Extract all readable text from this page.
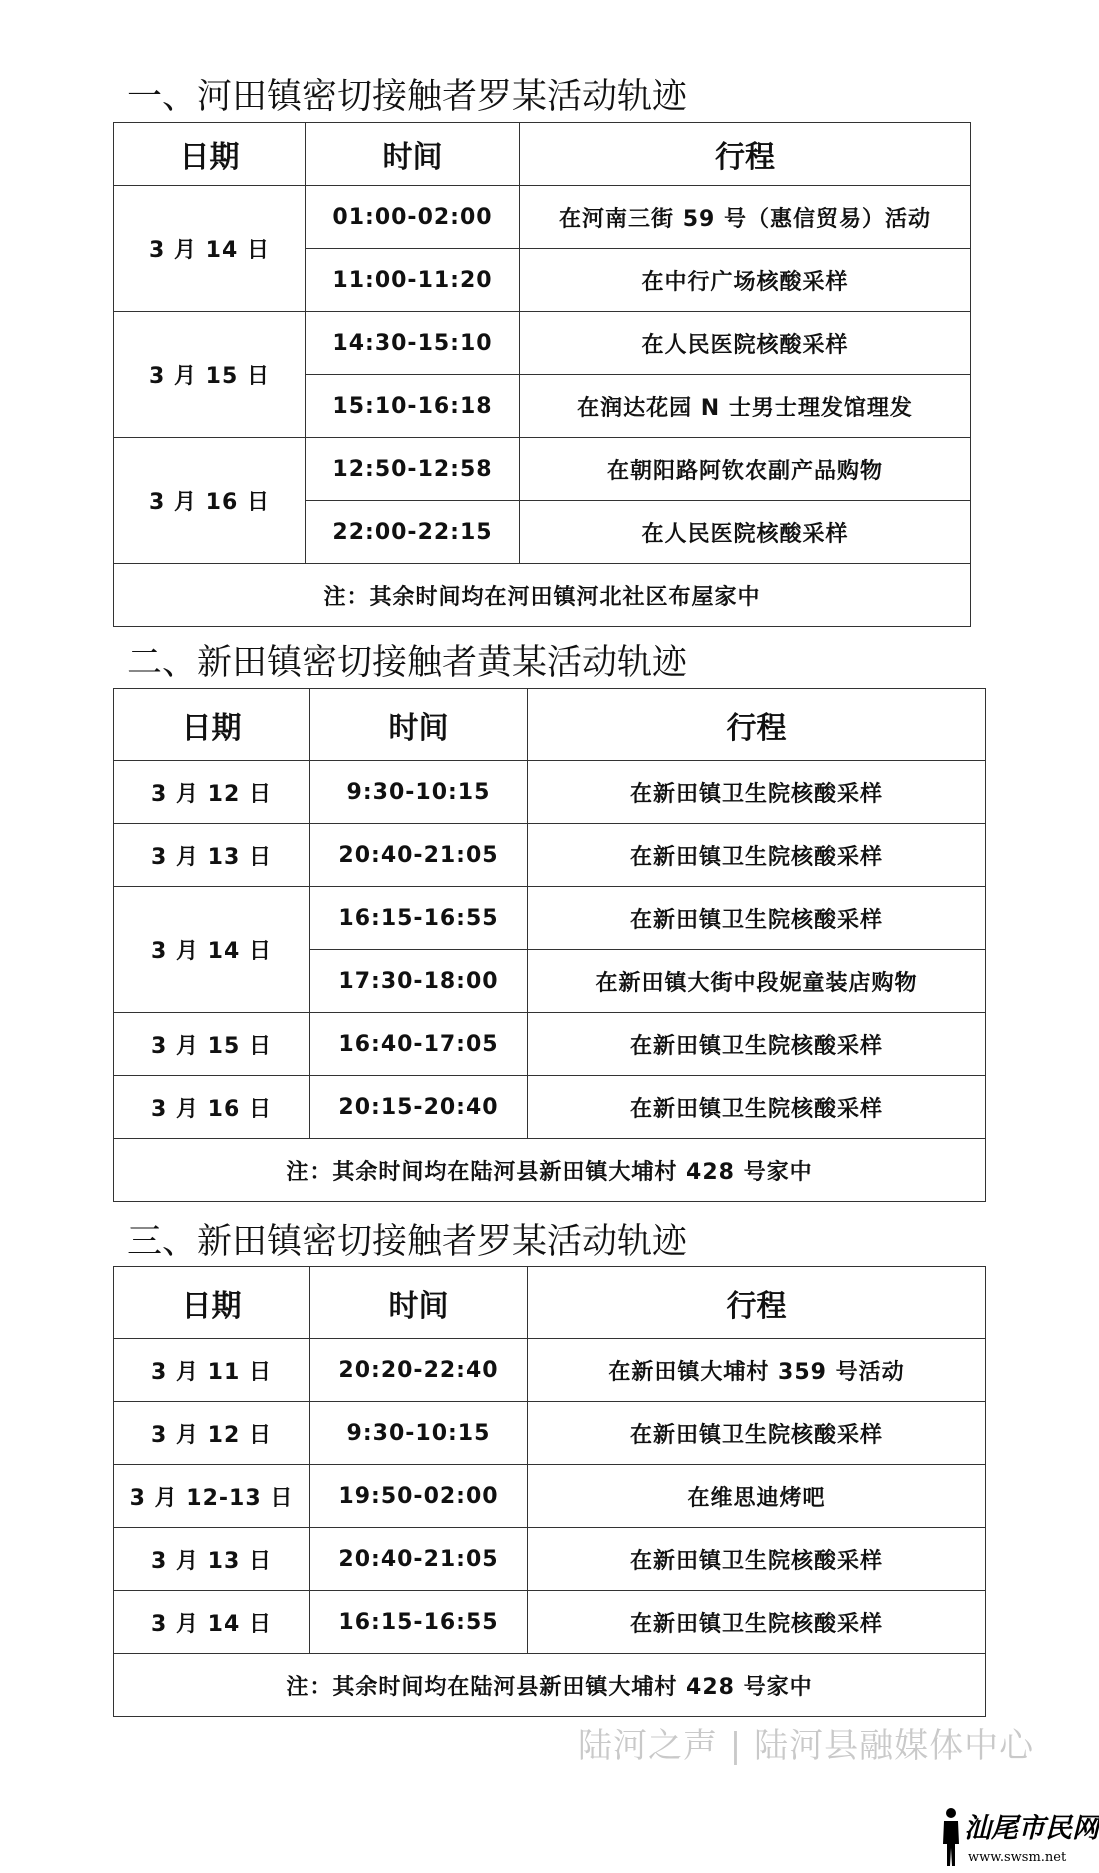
一、河田镇密切接触者罗某活动轨迹
日期	时间	行程
3 月 14 日	01:00-02:00	在河南三街 59 号（惠信贸易）活动
	11:00-11:20	在中行广场核酸采样
3 月 15 日	14:30-15:10	在人民医院核酸采样
	15:10-16:18	在润达花园 N 士男士理发馆理发
3 月 16 日	12:50-12:58	在朝阳路阿钦农副产品购物
	22:00-22:15	在人民医院核酸采样
注：其余时间均在河田镇河北社区布屋家中		
二、新田镇密切接触者黄某活动轨迹
日期	时间	行程
3 月 12 日	9:30-10:15	在新田镇卫生院核酸采样
3 月 13 日	20:40-21:05	在新田镇卫生院核酸采样
3 月 14 日	16:15-16:55	在新田镇卫生院核酸采样
	17:30-18:00	在新田镇大街中段妮童装店购物
3 月 15 日	16:40-17:05	在新田镇卫生院核酸采样
3 月 16 日	20:15-20:40	在新田镇卫生院核酸采样
注：其余时间均在陆河县新田镇大埔村 428 号家中		
三、新田镇密切接触者罗某活动轨迹
日期	时间	行程
3 月 11 日	20:20-22:40	在新田镇大埔村 359 号活动
3 月 12 日	9:30-10:15	在新田镇卫生院核酸采样
3 月 12-13 日	19:50-02:00	在维思迪烤吧
3 月 13 日	20:40-21:05	在新田镇卫生院核酸采样
3 月 14 日	16:15-16:55	在新田镇卫生院核酸采样
注：其余时间均在陆河县新田镇大埔村 428 号家中		
陆河之声 | 陆河县融媒体中心
汕尾市民网
www.swsm.net
